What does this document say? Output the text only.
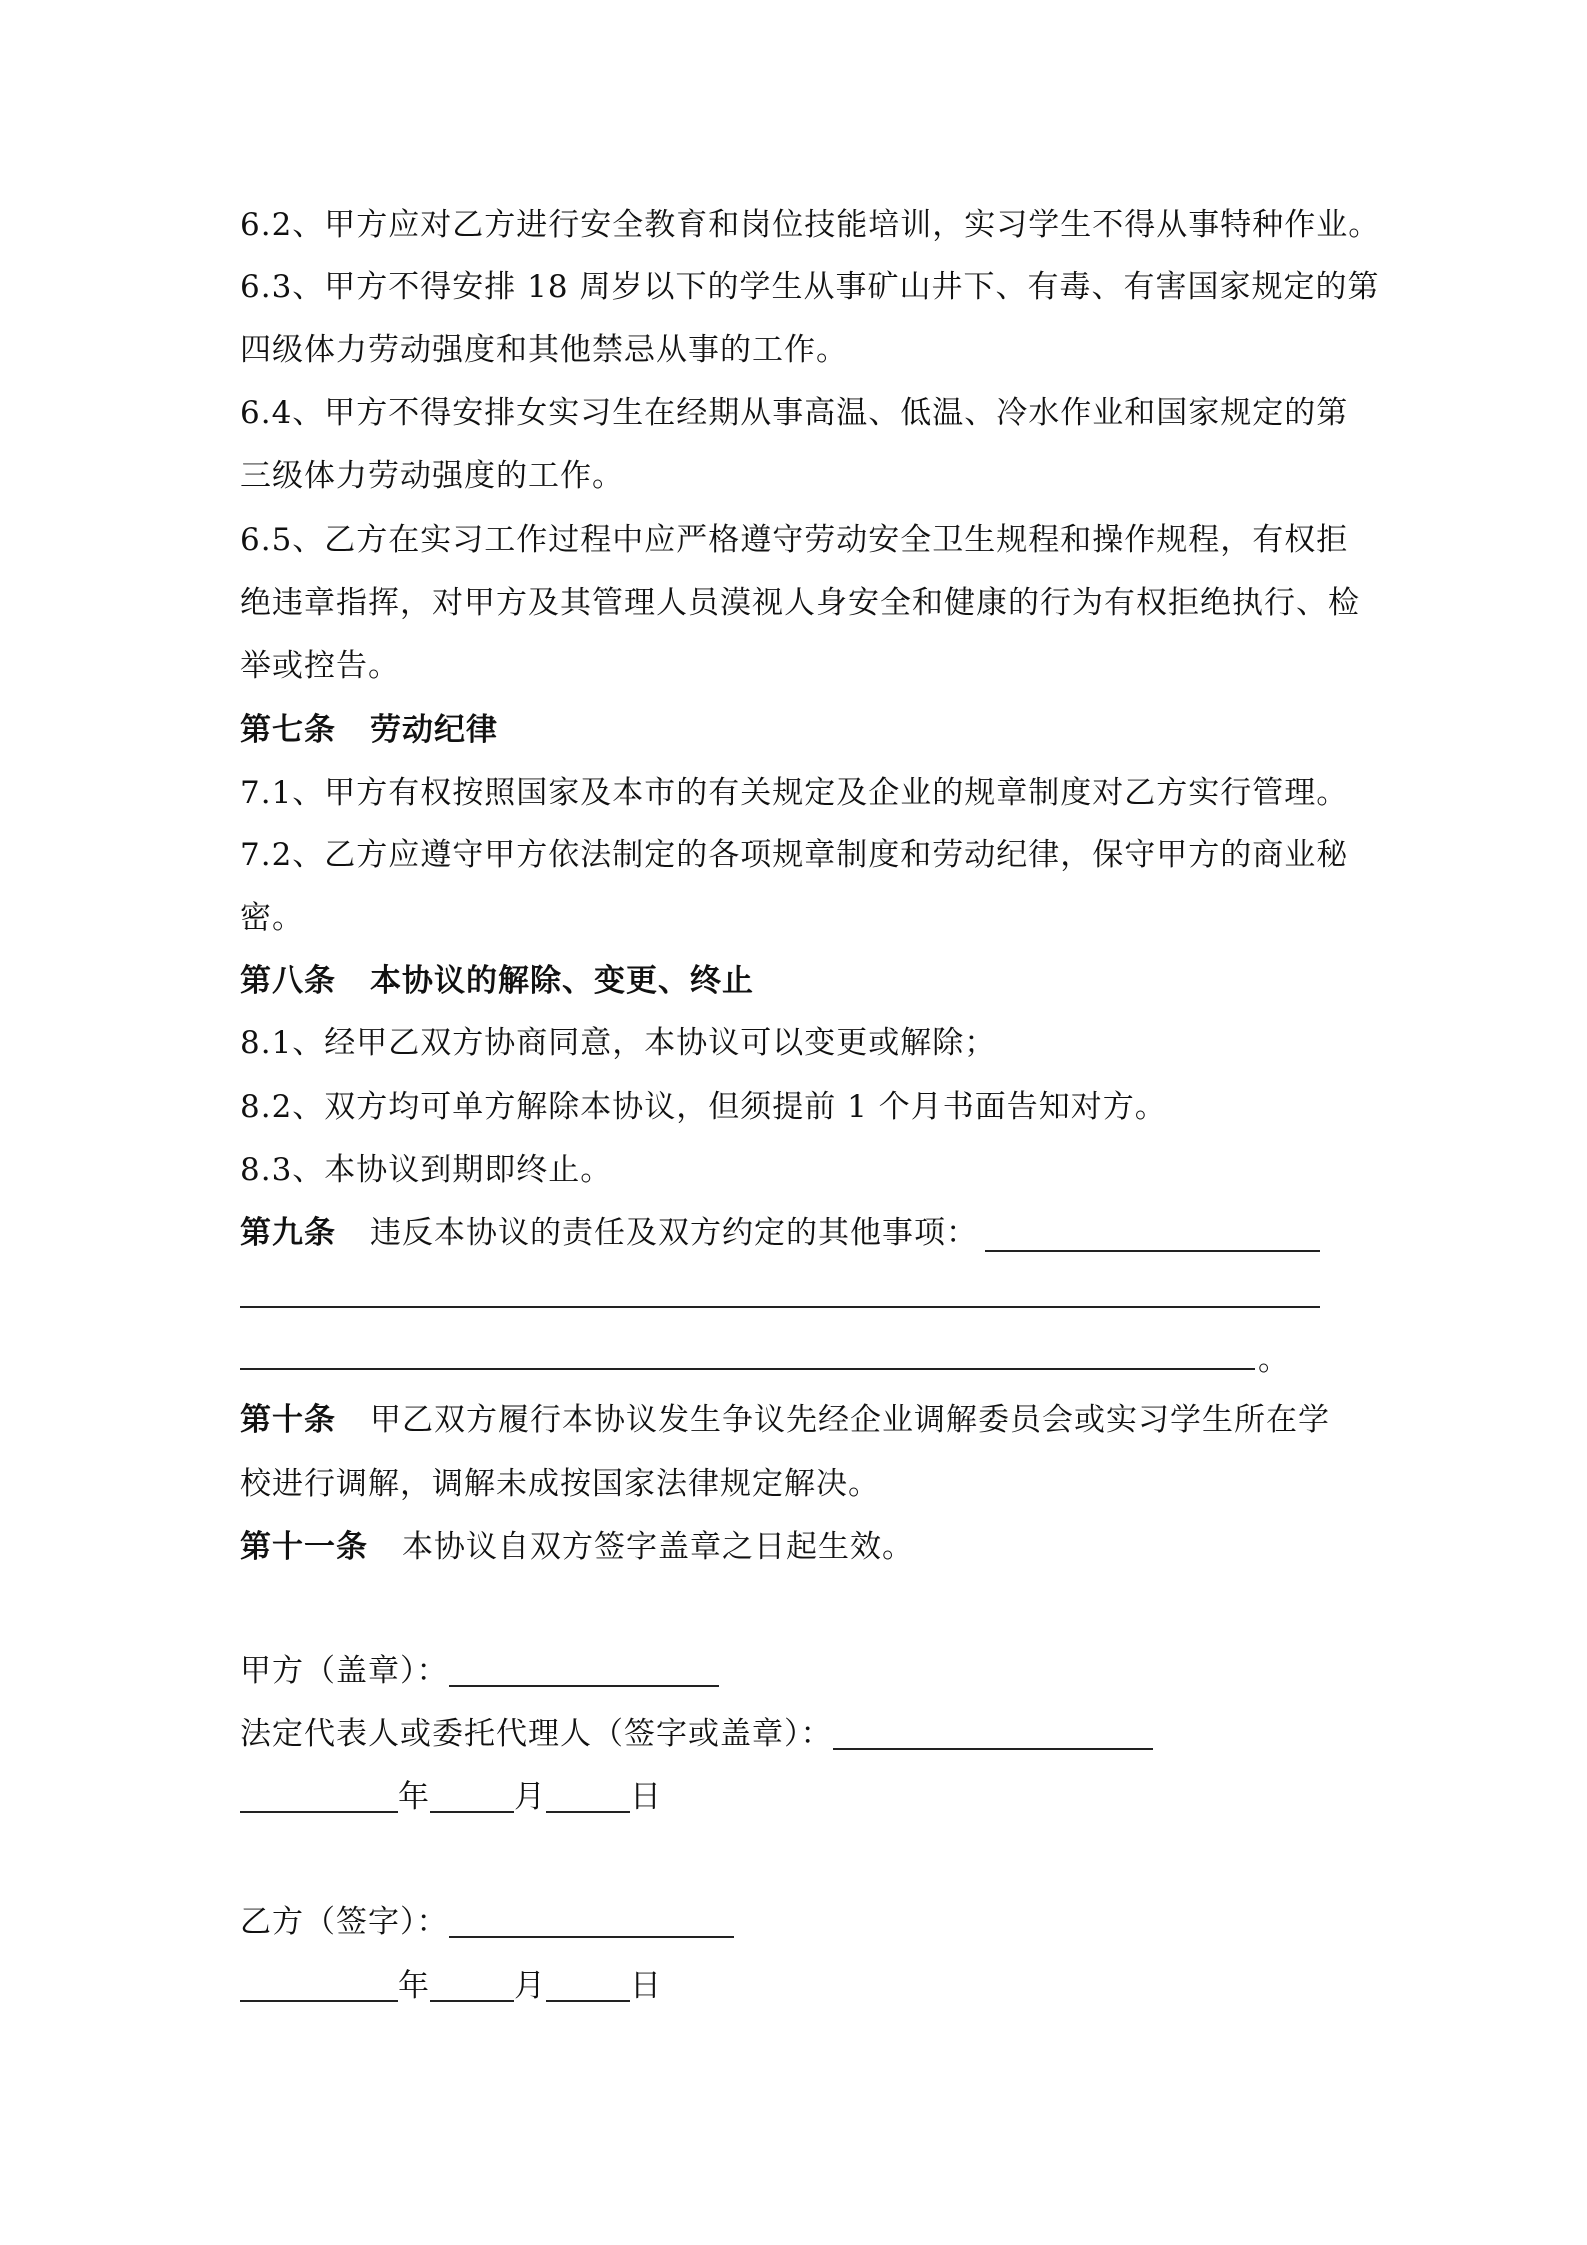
6.2、甲方应对乙方进行安全教育和岗位技能培训，实习学生不得从事特种作业。
6.3、甲方不得安排 18 周岁以下的学生从事矿山井下、有毒、有害国家规定的第
四级体力劳动强度和其他禁忌从事的工作。
6.4、甲方不得安排女实习生在经期从事高温、低温、冷水作业和国家规定的第
三级体力劳动强度的工作。
6.5、乙方在实习工作过程中应严格遵守劳动安全卫生规程和操作规程，有权拒
绝违章指挥，对甲方及其管理人员漠视人身安全和健康的行为有权拒绝执行、检
举或控告。
第七条 劳动纪律
7.1、甲方有权按照国家及本市的有关规定及企业的规章制度对乙方实行管理。
7.2、乙方应遵守甲方依法制定的各项规章制度和劳动纪律，保守甲方的商业秘
密。
第八条 本协议的解除、变更、终止
8.1、经甲乙双方协商同意，本协议可以变更或解除；
8.2、双方均可单方解除本协议，但须提前 1 个月书面告知对方。
8.3、本协议到期即终止。
第九条 违反本协议的责任及双方约定的其他事项：
。
第十条 甲乙双方履行本协议发生争议先经企业调解委员会或实习学生所在学
校进行调解，调解未成按国家法律规定解决。
第十一条 本协议自双方签字盖章之日起生效。
甲方（盖章）：
法定代表人或委托代理人（签字或盖章）：
年	月	日
乙方（签字）：
年	月	日
